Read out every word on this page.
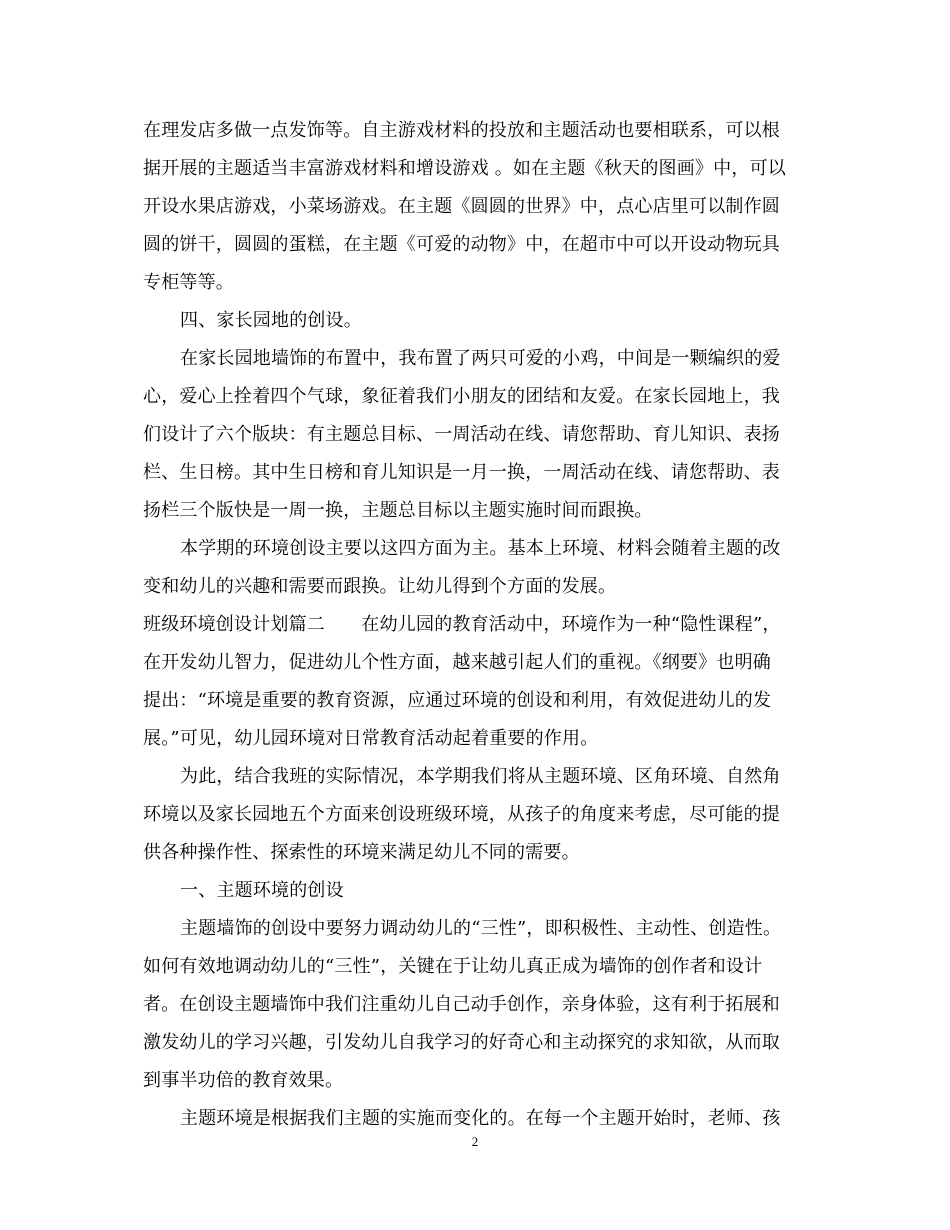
在理发店多做一点发饰等。自主游戏材料的投放和主题活动也要相联系，可以根
据开展的主题适当丰富游戏材料和增设游戏 。如在主题《秋天的图画》中，可以
开设水果店游戏，小菜场游戏。在主题《圆圆的世界》中，点心店里可以制作圆
圆的饼干，圆圆的蛋糕，在主题《可爱的动物》中，在超市中可以开设动物玩具
专柜等等。
四、家长园地的创设。
在家长园地墙饰的布置中，我布置了两只可爱的小鸡，中间是一颗编织的爱
心，爱心上拴着四个气球，象征着我们小朋友的团结和友爱。在家长园地上，我
们设计了六个版块：有主题总目标、一周活动在线、请您帮助、育儿知识、表扬
栏、生日榜。其中生日榜和育儿知识是一月一换，一周活动在线、请您帮助、表
扬栏三个版快是一周一换，主题总目标以主题实施时间而跟换。
本学期的环境创设主要以这四方面为主。基本上环境、材料会随着主题的改
变和幼儿的兴趣和需要而跟换。让幼儿得到个方面的发展。
班级环境创设计划篇二　　在幼儿园的教育活动中，环境作为一种“隐性课程”，
在开发幼儿智力，促进幼儿个性方面，越来越引起人们的重视。《纲要》也明确
提出：“环境是重要的教育资源，应通过环境的创设和利用，有效促进幼儿的发
展。”可见，幼儿园环境对日常教育活动起着重要的作用。
为此，结合我班的实际情况，本学期我们将从主题环境、区角环境、自然角
环境以及家长园地五个方面来创设班级环境，从孩子的角度来考虑，尽可能的提
供各种操作性、探索性的环境来满足幼儿不同的需要。
一、主题环境的创设
主题墙饰的创设中要努力调动幼儿的“三性”，即积极性、主动性、创造性。
如何有效地调动幼儿的“三性”，关键在于让幼儿真正成为墙饰的创作者和设计
者。在创设主题墙饰中我们注重幼儿自己动手创作，亲身体验，这有利于拓展和
激发幼儿的学习兴趣，引发幼儿自我学习的好奇心和主动探究的求知欲，从而取
到事半功倍的教育效果。
主题环境是根据我们主题的实施而变化的。在每一个主题开始时，老师、孩
2
